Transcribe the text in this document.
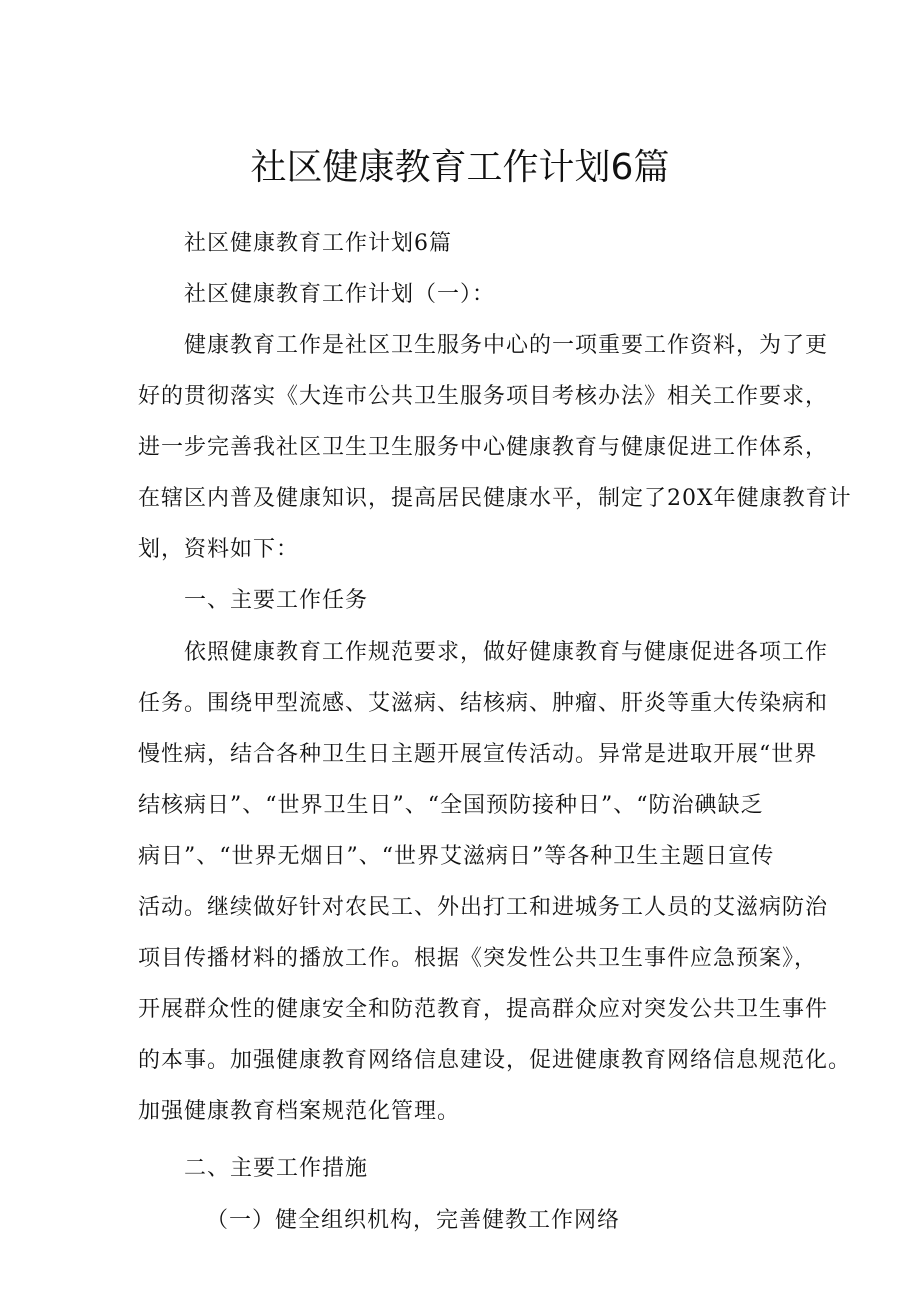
社区健康教育工作计划6篇

社区健康教育工作计划6篇

社区健康教育工作计划（一）：

健康教育工作是社区卫生服务中心的一项重要工作资料，为了更

好的贯彻落实《大连市公共卫生服务项目考核办法》相关工作要求，

进一步完善我社区卫生卫生服务中心健康教育与健康促进工作体系，

在辖区内普及健康知识，提高居民健康水平，制定了20X年健康教育计

划，资料如下：

一、主要工作任务

依照健康教育工作规范要求，做好健康教育与健康促进各项工作

任务。围绕甲型流感、艾滋病、结核病、肿瘤、肝炎等重大传染病和

慢性病，结合各种卫生日主题开展宣传活动。异常是进取开展“世界

结核病日”、“世界卫生日”、“全国预防接种日”、“防治碘缺乏

病日”、“世界无烟日”、“世界艾滋病日”等各种卫生主题日宣传

活动。继续做好针对农民工、外出打工和进城务工人员的艾滋病防治

项目传播材料的播放工作。根据《突发性公共卫生事件应急预案》，

开展群众性的健康安全和防范教育，提高群众应对突发公共卫生事件

的本事。加强健康教育网络信息建设，促进健康教育网络信息规范化。

加强健康教育档案规范化管理。

二、主要工作措施

（一）健全组织机构，完善健教工作网络
